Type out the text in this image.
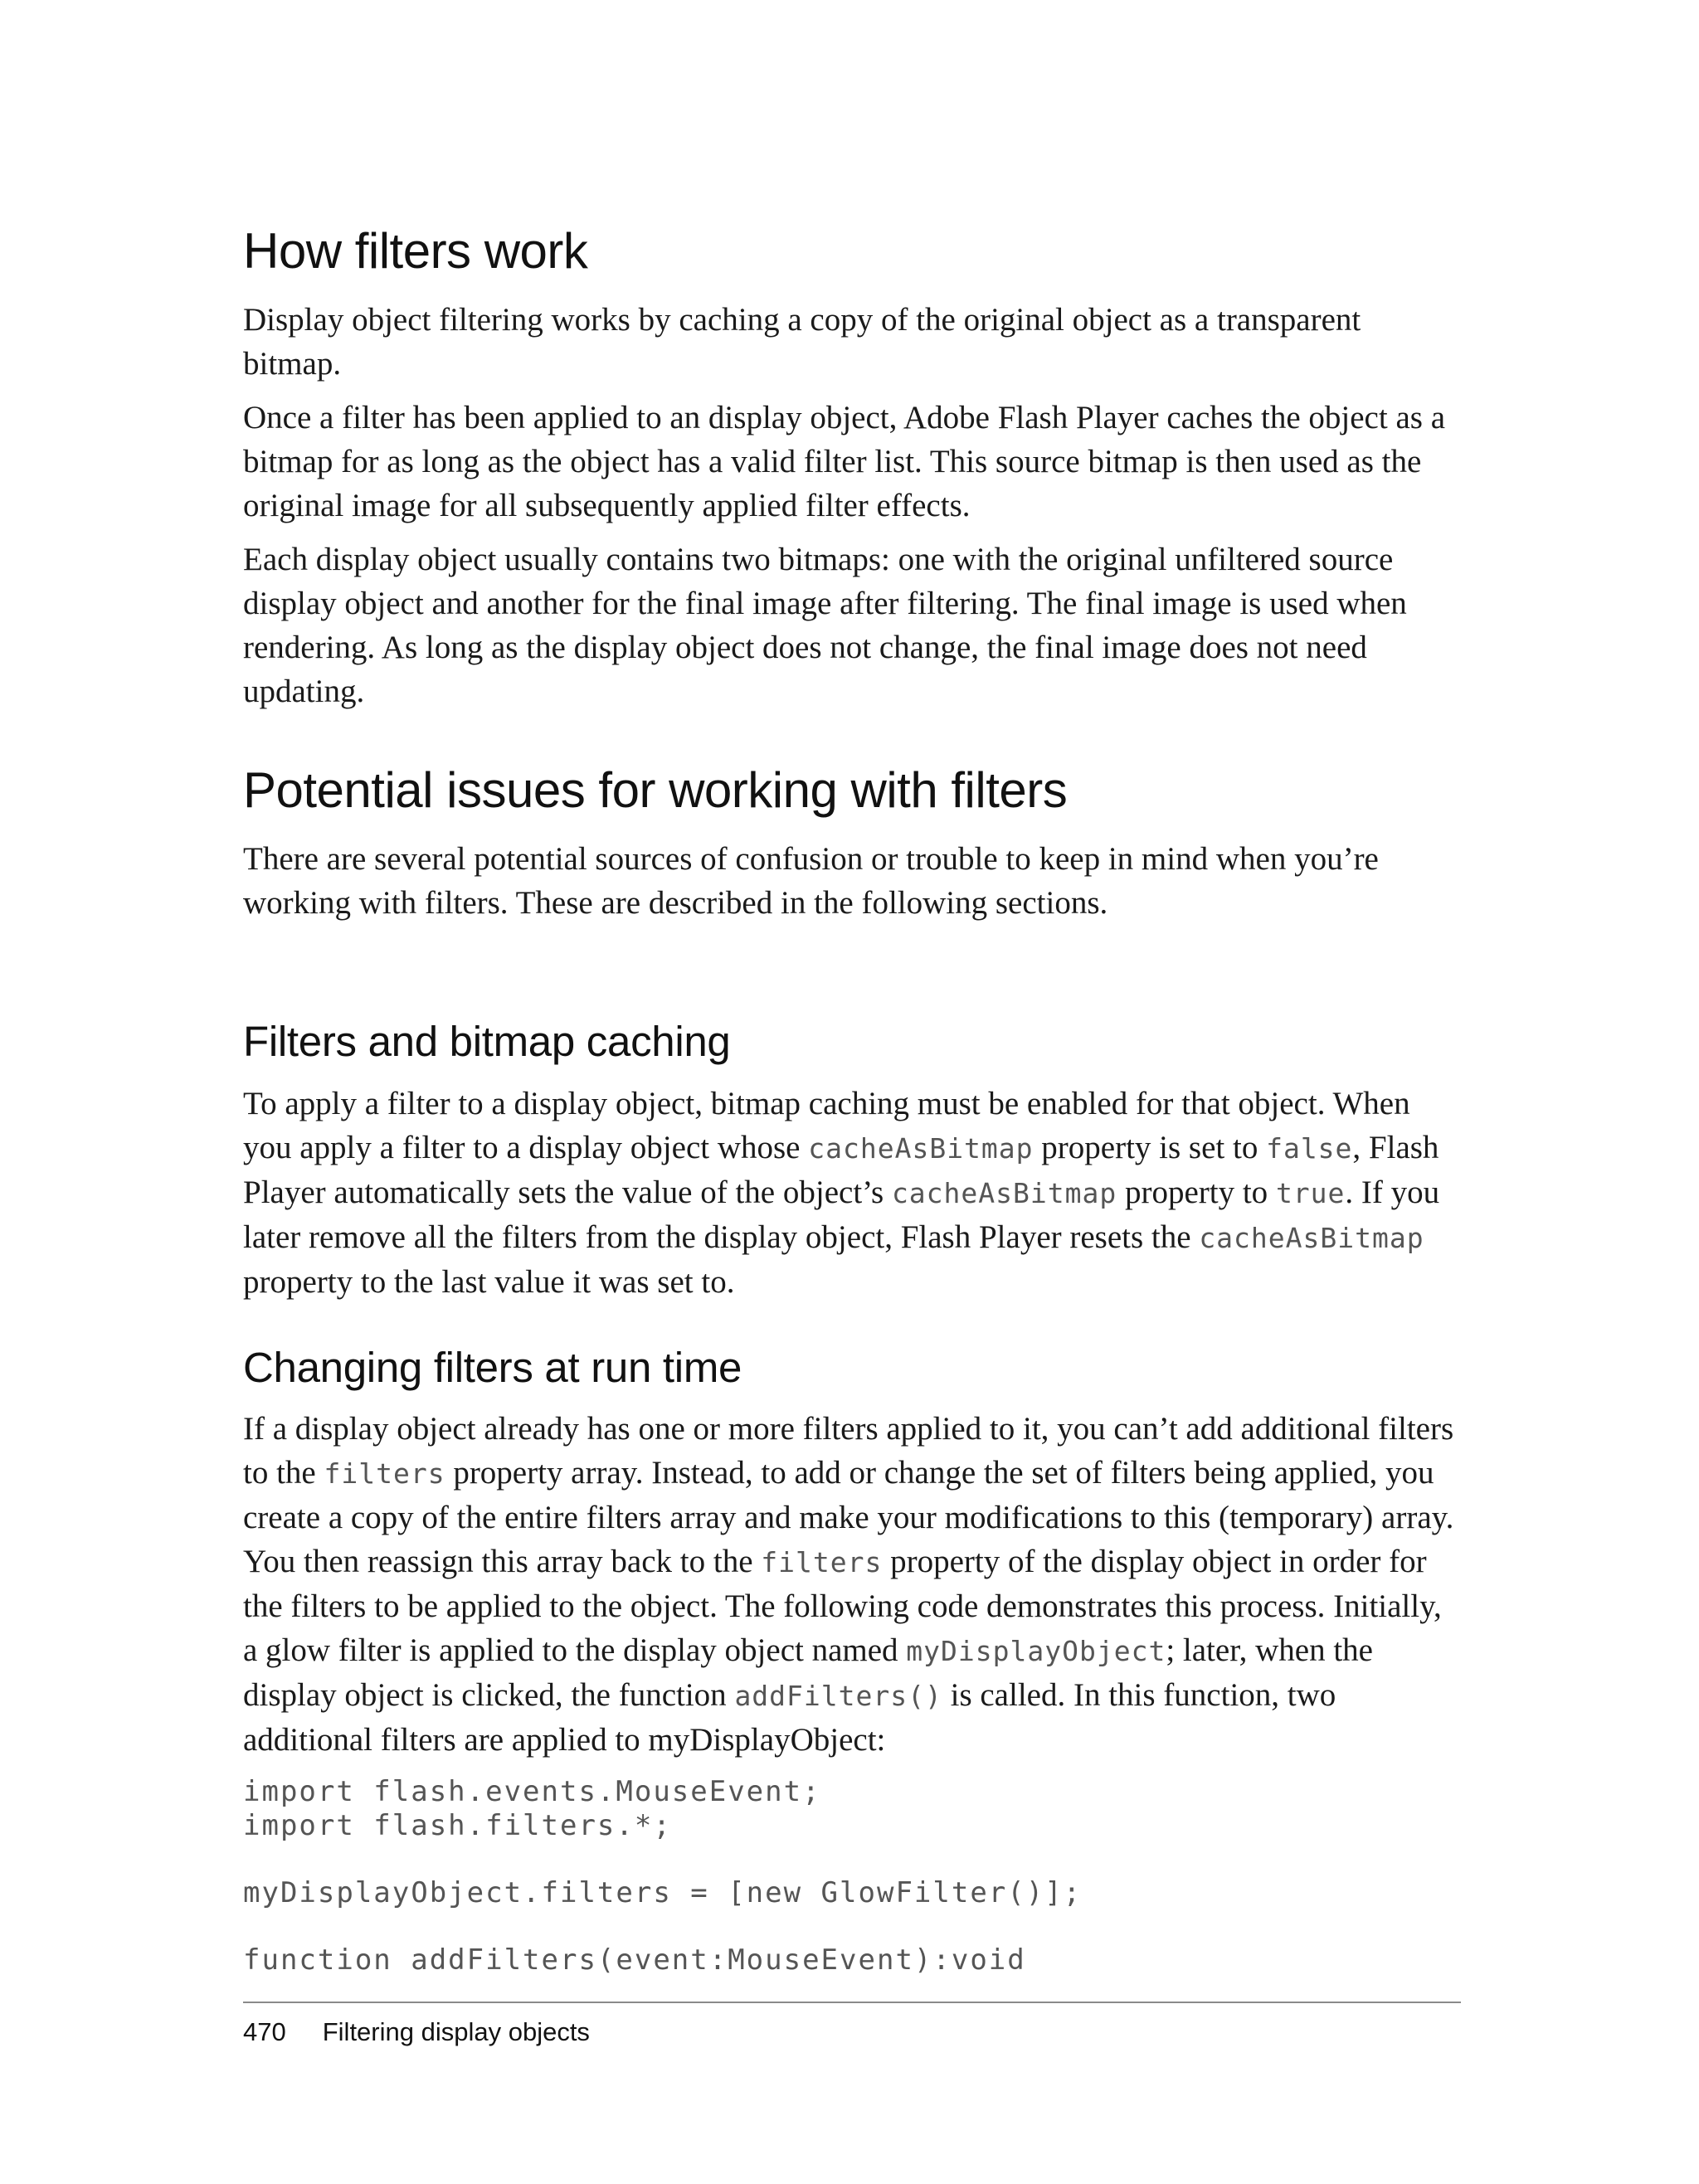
How filters work

Display object filtering works by caching a copy of the original object as a transparent bitmap.

Once a filter has been applied to an display object, Adobe Flash Player caches the object as a bitmap for as long as the object has a valid filter list. This source bitmap is then used as the original image for all subsequently applied filter effects.

Each display object usually contains two bitmaps: one with the original unfiltered source display object and another for the final image after filtering. The final image is used when rendering. As long as the display object does not change, the final image does not need updating.

Potential issues for working with filters

There are several potential sources of confusion or trouble to keep in mind when you’re working with filters. These are described in the following sections.

Filters and bitmap caching

To apply a filter to a display object, bitmap caching must be enabled for that object. When you apply a filter to a display object whose cacheAsBitmap property is set to false, Flash Player automatically sets the value of the object’s cacheAsBitmap property to true. If you later remove all the filters from the display object, Flash Player resets the cacheAsBitmap property to the last value it was set to.

Changing filters at run time

If a display object already has one or more filters applied to it, you can’t add additional filters to the filters property array. Instead, to add or change the set of filters being applied, you create a copy of the entire filters array and make your modifications to this (temporary) array. You then reassign this array back to the filters property of the display object in order for the filters to be applied to the object. The following code demonstrates this process. Initially, a glow filter is applied to the display object named myDisplayObject; later, when the display object is clicked, the function addFilters() is called. In this function, two additional filters are applied to myDisplayObject:

import flash.events.MouseEvent;
import flash.filters.*;
myDisplayObject.filters = [new GlowFilter()];
function addFilters(event:MouseEvent):void
470 Filtering display objects
